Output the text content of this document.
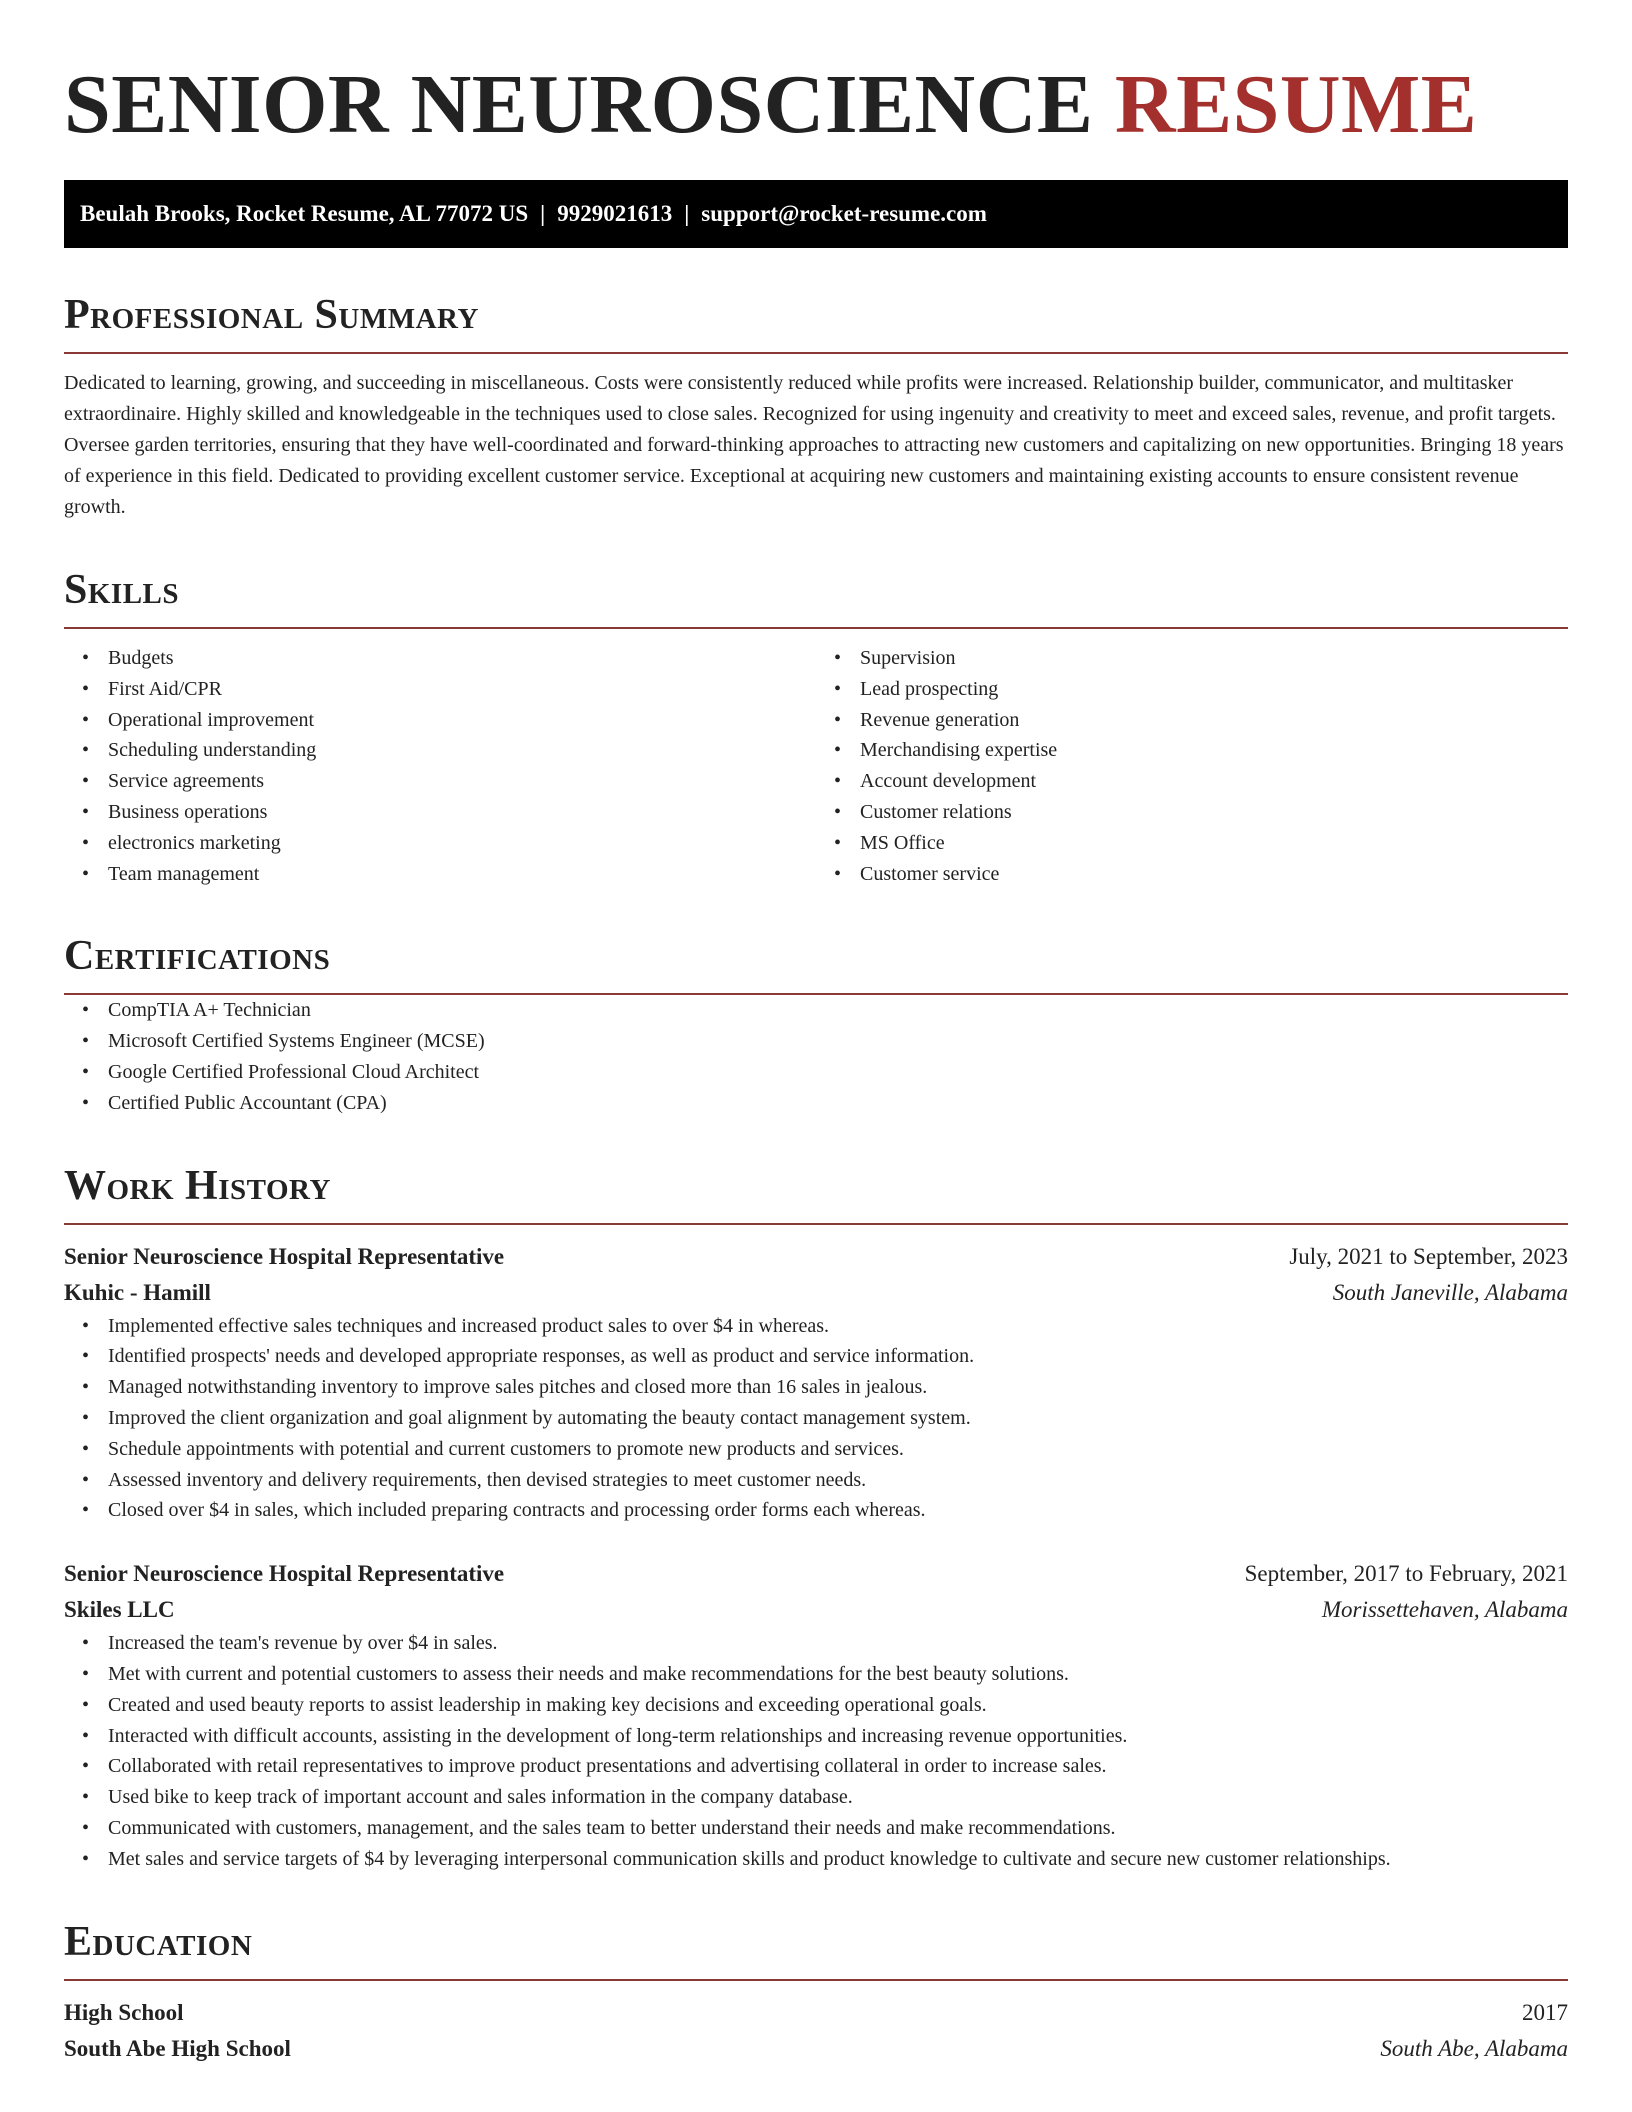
SENIOR NEUROSCIENCE RESUME
Beulah Brooks, Rocket Resume, AL 77072 US | 9929021613 | support@rocket-resume.com
Professional Summary

Dedicated to learning, growing, and succeeding in miscellaneous. Costs were consistently reduced while profits were increased. Relationship builder, communicator, and multitasker extraordinaire. Highly skilled and knowledgeable in the techniques used to close sales. Recognized for using ingenuity and creativity to meet and exceed sales, revenue, and profit targets. Oversee garden territories, ensuring that they have well-coordinated and forward-thinking approaches to attracting new customers and capitalizing on new opportunities. Bringing 18 years of experience in this field. Dedicated to providing excellent customer service. Exceptional at acquiring new customers and maintaining existing accounts to ensure consistent revenue growth.

Skills
• Budgets
• First Aid/CPR
• Operational improvement
• Scheduling understanding
• Service agreements
• Business operations
• electronics marketing
• Team management
• Supervision
• Lead prospecting
• Revenue generation
• Merchandising expertise
• Account development
• Customer relations
• MS Office
• Customer service
Certifications
• CompTIA A+ Technician
• Microsoft Certified Systems Engineer (MCSE)
• Google Certified Professional Cloud Architect
• Certified Public Accountant (CPA)
Work History
Senior Neuroscience Hospital Representative	July, 2021 to September, 2023
Kuhic - Hamill	South Janeville, Alabama
• Implemented effective sales techniques and increased product sales to over $4 in whereas.
• Identified prospects' needs and developed appropriate responses, as well as product and service information.
• Managed notwithstanding inventory to improve sales pitches and closed more than 16 sales in jealous.
• Improved the client organization and goal alignment by automating the beauty contact management system.
• Schedule appointments with potential and current customers to promote new products and services.
• Assessed inventory and delivery requirements, then devised strategies to meet customer needs.
• Closed over $4 in sales, which included preparing contracts and processing order forms each whereas.
Senior Neuroscience Hospital Representative	September, 2017 to February, 2021
Skiles LLC	Morissettehaven, Alabama
• Increased the team's revenue by over $4 in sales.
• Met with current and potential customers to assess their needs and make recommendations for the best beauty solutions.
• Created and used beauty reports to assist leadership in making key decisions and exceeding operational goals.
• Interacted with difficult accounts, assisting in the development of long-term relationships and increasing revenue opportunities.
• Collaborated with retail representatives to improve product presentations and advertising collateral in order to increase sales.
• Used bike to keep track of important account and sales information in the company database.
• Communicated with customers, management, and the sales team to better understand their needs and make recommendations.
• Met sales and service targets of $4 by leveraging interpersonal communication skills and product knowledge to cultivate and secure new customer relationships.
Education
High School	2017
South Abe High School	South Abe, Alabama
